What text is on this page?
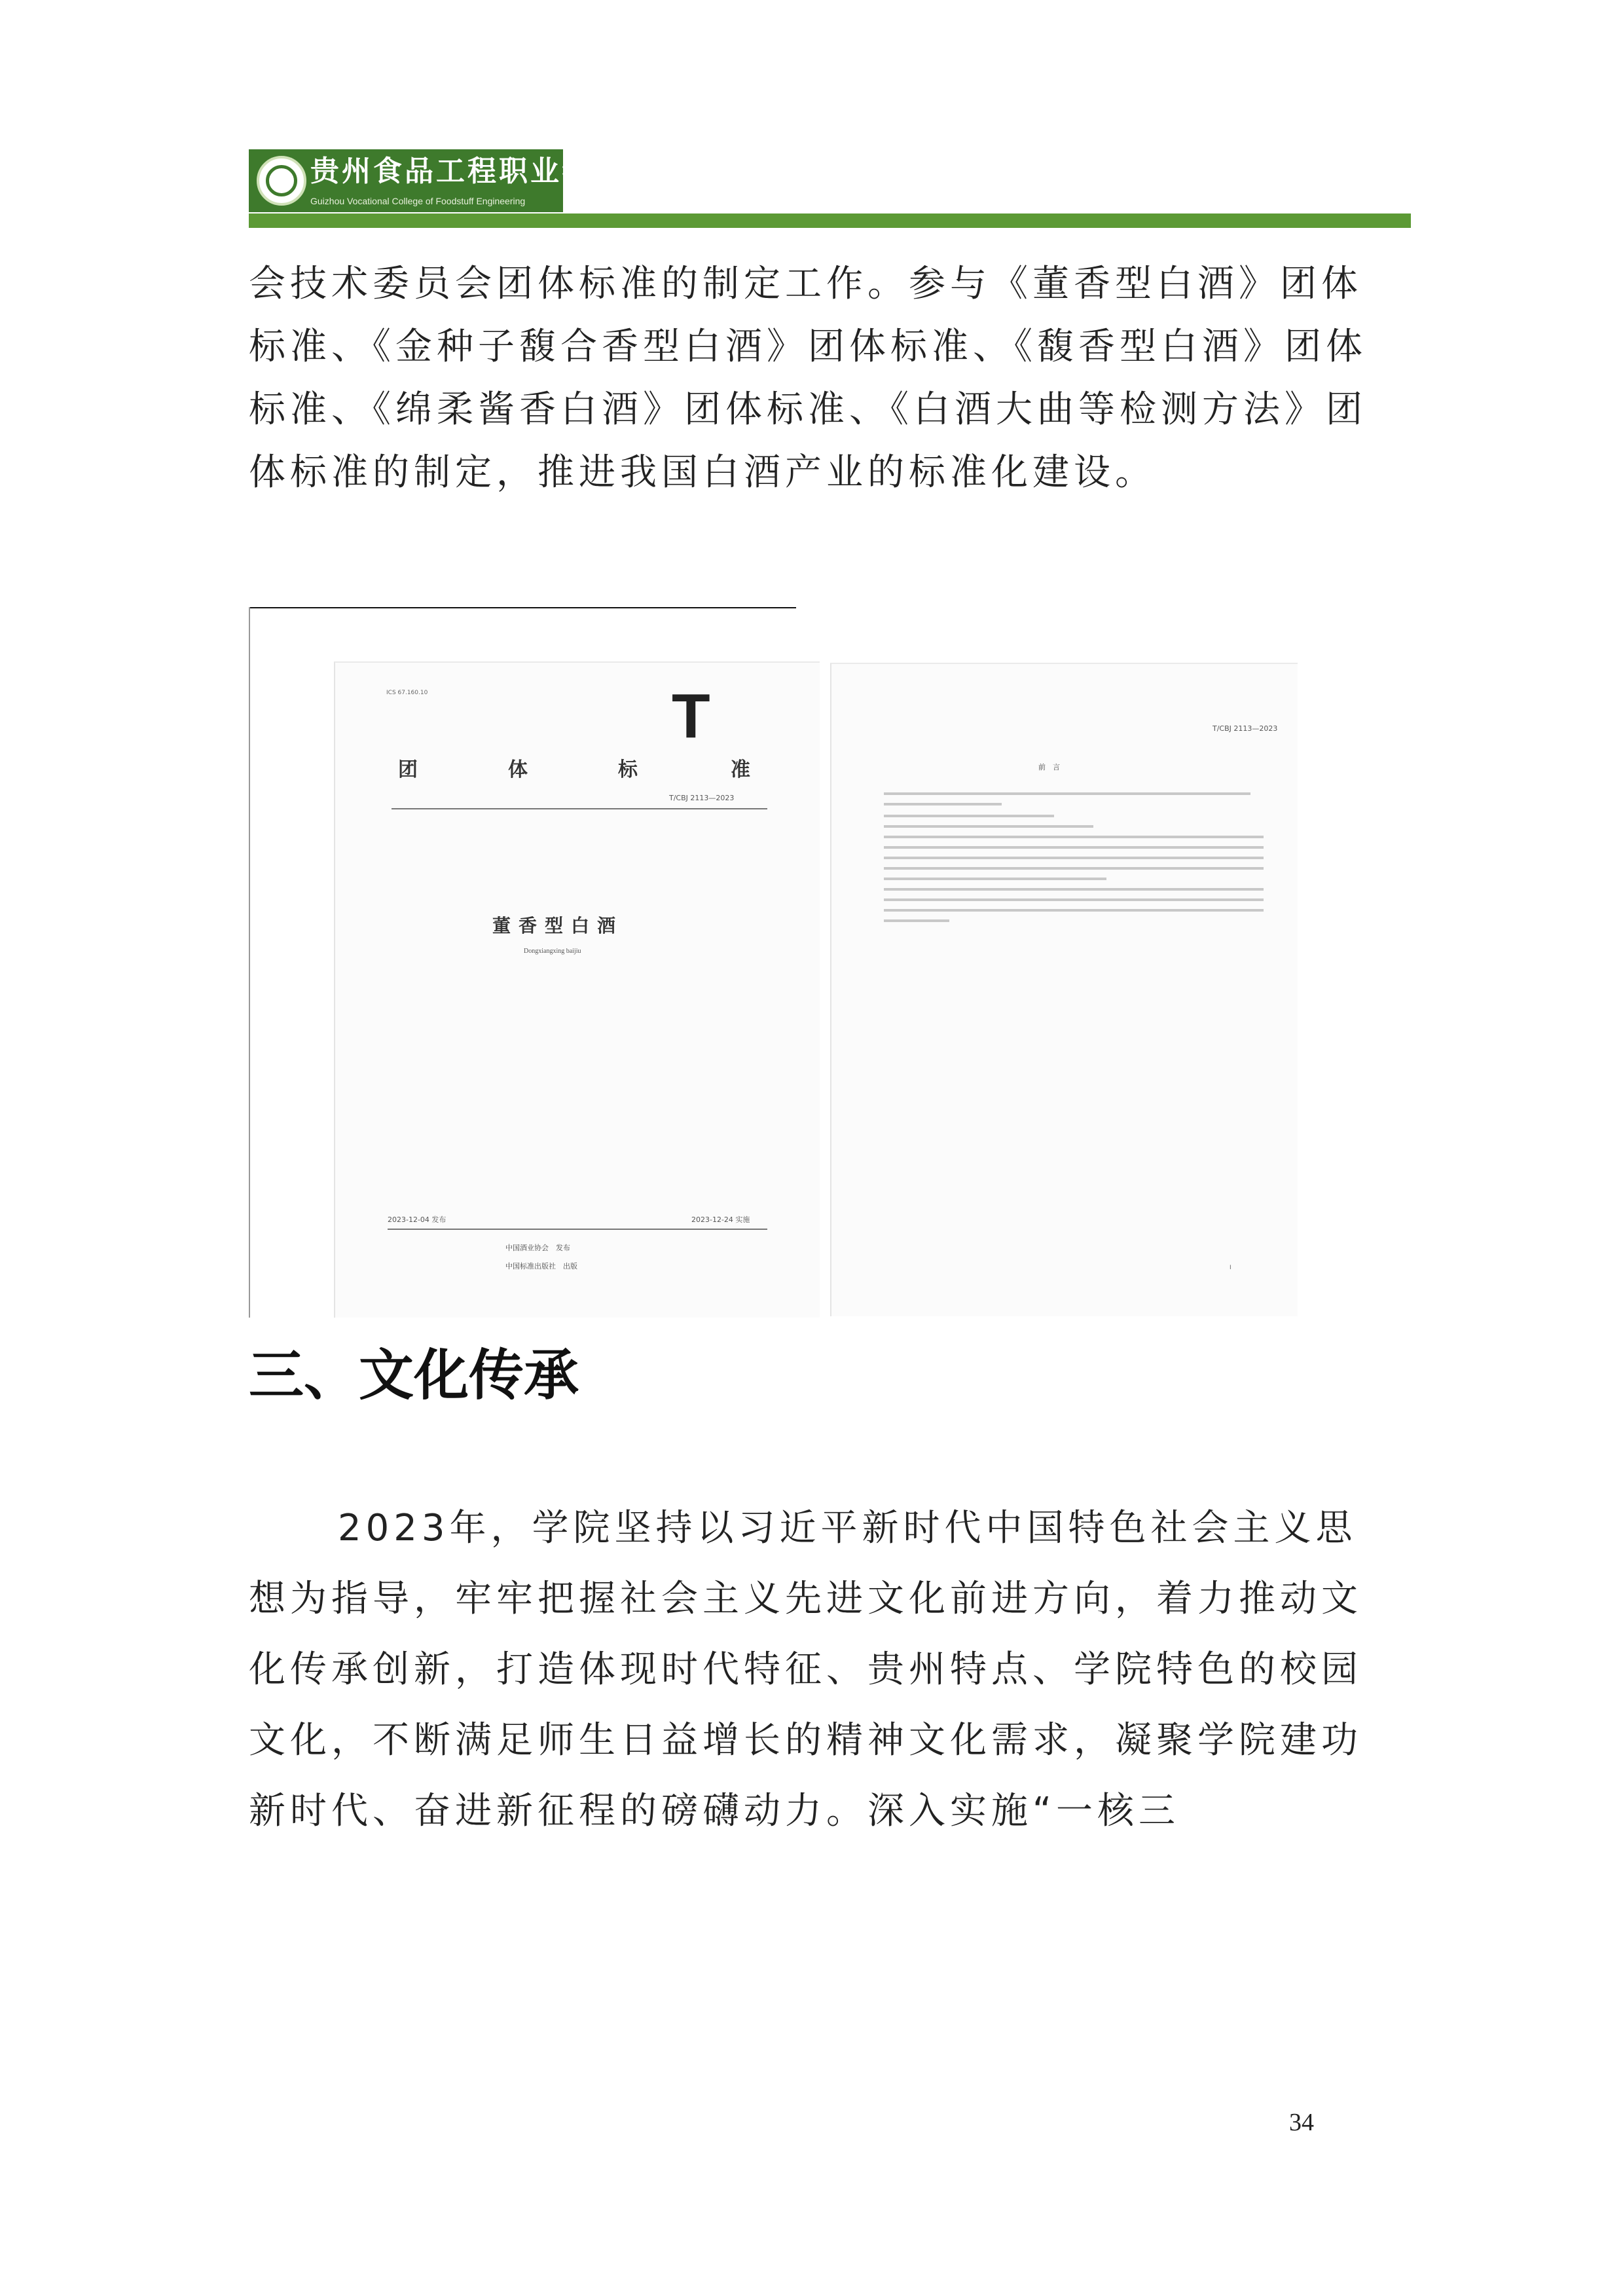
贵州食品工程职业学院
Guizhou Vocational College of Foodstuff Engineering

会技术委员会团体标准的制定工作。参与《董香型白酒》团体标准、《金种子馥合香型白酒》团体标准、《馥香型白酒》团体标准、《绵柔酱香白酒》团体标准、《白酒大曲等检测方法》团体标准的制定，推进我国白酒产业的标准化建设。

ICS 67.160.10	T
团	体	标	准
T/CBJ 2113—2023
董香型白酒
Dongxiangxing baijiu
2023-12-04 发布	2023-12-24 实施
中国酒业协会　发布
中国标准出版社　出版
T/CBJ 2113—2023
前　言
I
三、文化传承

2023年，学院坚持以习近平新时代中国特色社会主义思想为指导，牢牢把握社会主义先进文化前进方向，着力推动文化传承创新，打造体现时代特征、贵州特点、学院特色的校园文化，不断满足师生日益增长的精神文化需求，凝聚学院建功新时代、奋进新征程的磅礴动力。深入实施“一核三

34
